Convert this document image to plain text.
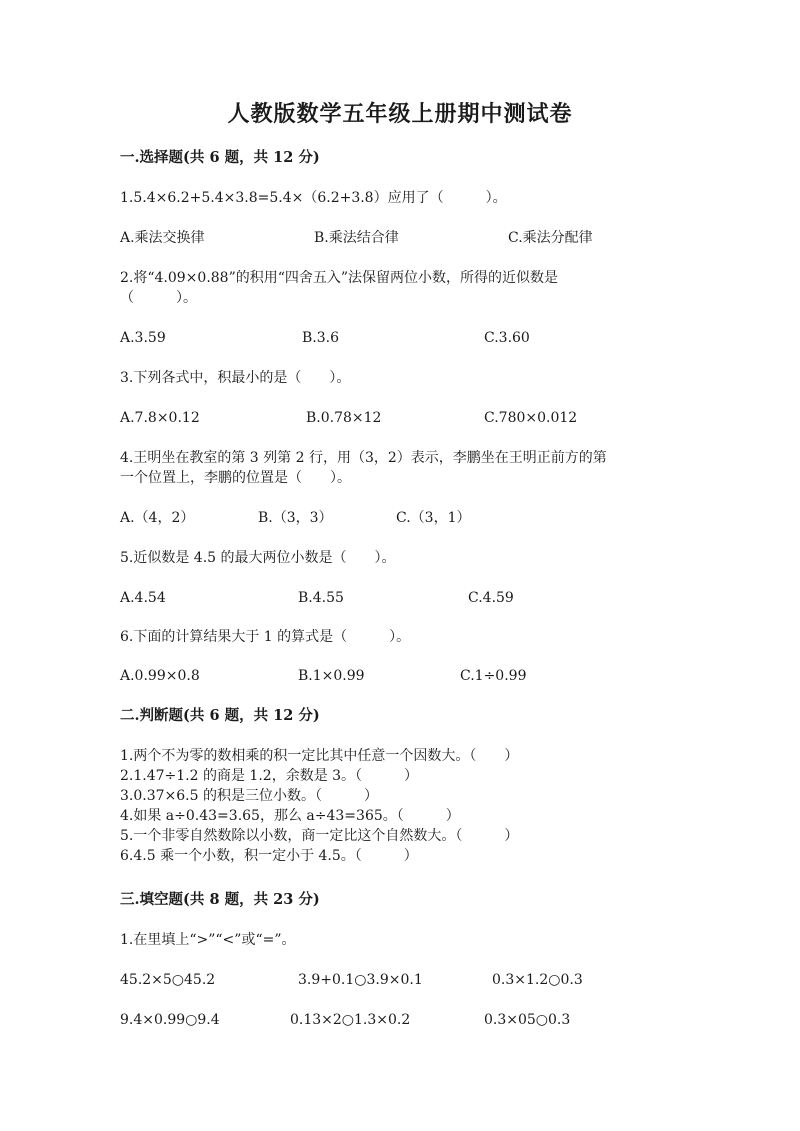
人教版数学五年级上册期中测试卷

一.选择题(共 6 题，共 12 分)

1.5.4×6.2+5.4×3.8=5.4×（6.2+3.8）应用了（　　　）。

A.乘法交换律	B.乘法结合律	C.乘法分配律

2.将“4.09×0.88”的积用“四舍五入”法保留两位小数，所得的近似数是

（　　　）。

A.3.59	B.3.6	C.3.60

3.下列各式中，积最小的是（　　）。

A.7.8×0.12	B.0.78×12	C.780×0.012

4.王明坐在教室的第 3 列第 2 行，用（3，2）表示，李鹏坐在王明正前方的第

一个位置上，李鹏的位置是（　　）。

A.（4，2）	B.（3，3）	C.（3，1）

5.近似数是 4.5 的最大两位小数是（　　）。

A.4.54	B.4.55	C.4.59

6.下面的计算结果大于 1 的算式是（　　　）。

A.0.99×0.8	B.1×0.99	C.1÷0.99

二.判断题(共 6 题，共 12 分)

1.两个不为零的数相乘的积一定比其中任意一个因数大。（　　）

2.1.47÷1.2 的商是 1.2，余数是 3。（　　　）

3.0.37×6.5 的积是三位小数。（　　　）

4.如果 a÷0.43=3.65，那么 a÷43=365。（　　　）

5.一个非零自然数除以小数，商一定比这个自然数大。（　　　）

6.4.5 乘一个小数，积一定小于 4.5。（　　　）

三.填空题(共 8 题，共 23 分)

1.在里填上“>”“<”或“=”。

45.2×5○45.2	3.9+0.1○3.9×0.1	0.3×1.2○0.3
9.4×0.99○9.4	0.13×2○1.3×0.2	0.3×05○0.3
